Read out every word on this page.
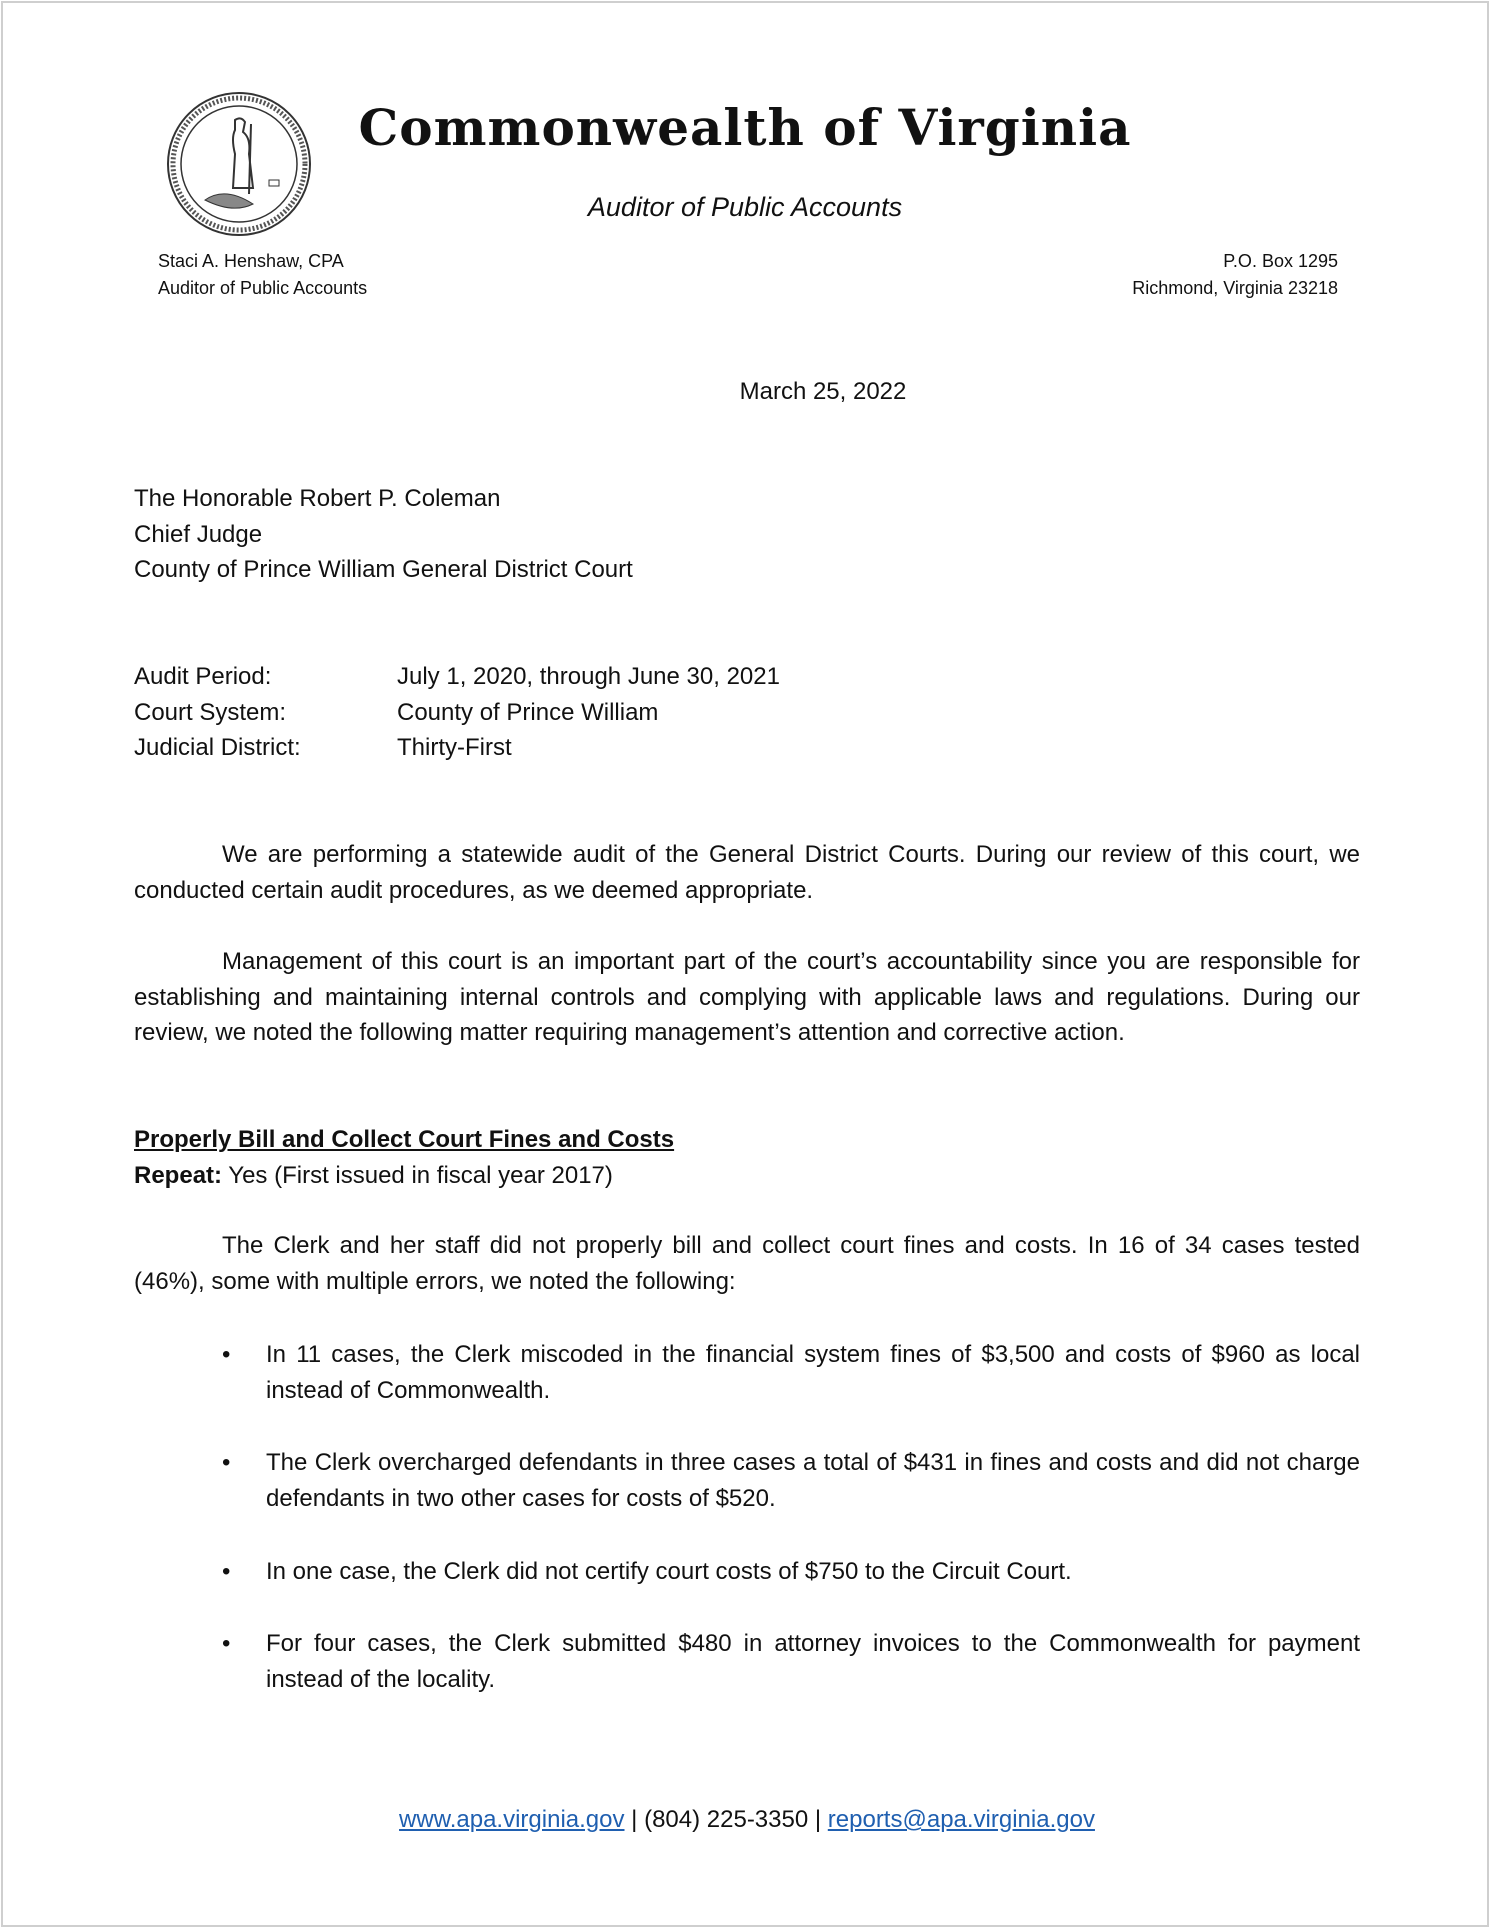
Commonwealth of Virginia
Auditor of Public Accounts
Staci A. Henshaw, CPA
Auditor of Public Accounts
P.O. Box 1295
Richmond, Virginia 23218
March 25, 2022
The Honorable Robert P. Coleman
Chief Judge
County of Prince William General District Court
Audit Period:	July 1, 2020, through June 30, 2021
Court System:	County of Prince William
Judicial District:	Thirty-First
We are performing a statewide audit of the General District Courts. During our review of this court, we conducted certain audit procedures, as we deemed appropriate.
Management of this court is an important part of the court’s accountability since you are responsible for establishing and maintaining internal controls and complying with applicable laws and regulations. During our review, we noted the following matter requiring management’s attention and corrective action.
Properly Bill and Collect Court Fines and Costs
Repeat: Yes (First issued in fiscal year 2017)
The Clerk and her staff did not properly bill and collect court fines and costs. In 16 of 34 cases tested (46%), some with multiple errors, we noted the following:
•	In 11 cases, the Clerk miscoded in the financial system fines of $3,500 and costs of $960 as local instead of Commonwealth.
•	The Clerk overcharged defendants in three cases a total of $431 in fines and costs and did not charge defendants in two other cases for costs of $520.
•	In one case, the Clerk did not certify court costs of $750 to the Circuit Court.
•	For four cases, the Clerk submitted $480 in attorney invoices to the Commonwealth for payment instead of the locality.
www.apa.virginia.gov | (804) 225-3350 | reports@apa.virginia.gov
